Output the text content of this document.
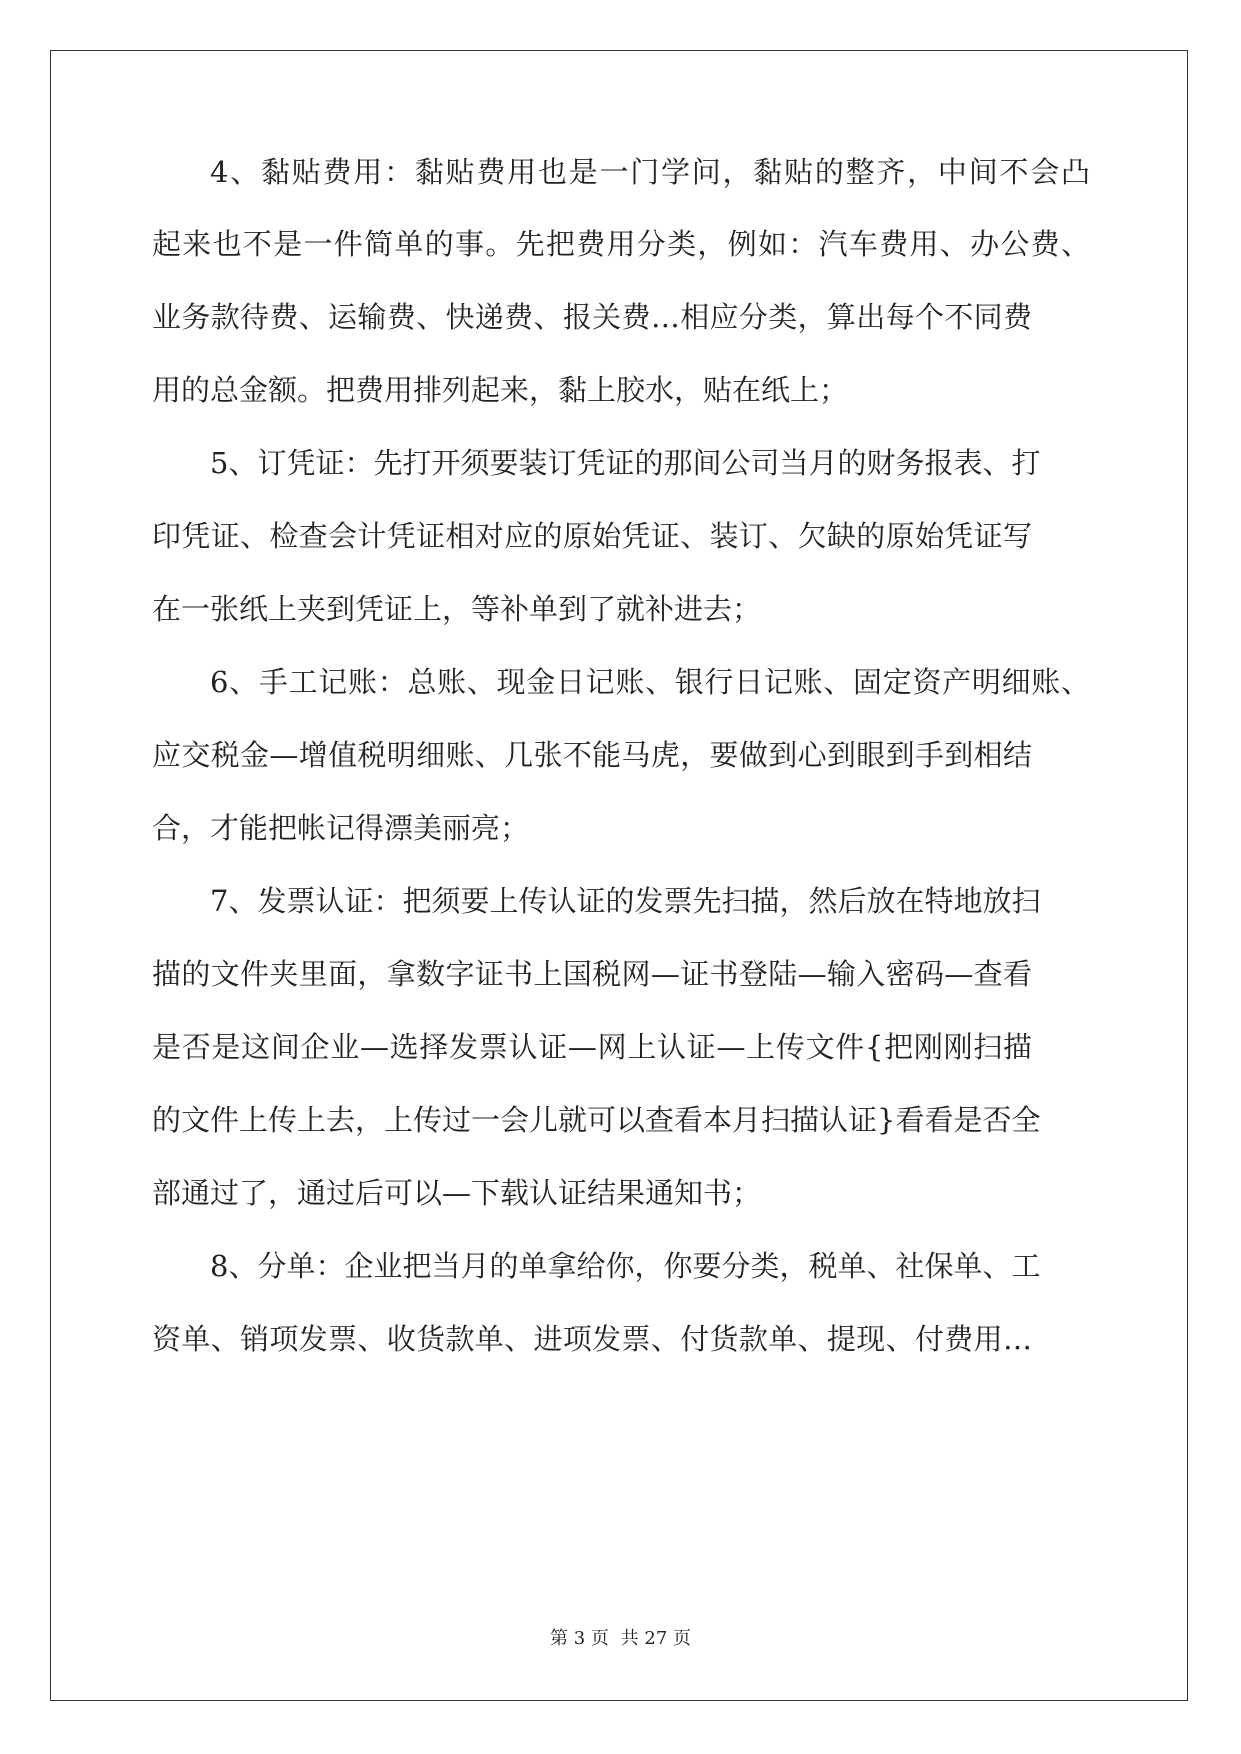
4、黏贴费用：黏贴费用也是一门学问，黏贴的整齐，中间不会凸
起来也不是一件简单的事。先把费用分类，例如：汽车费用、办公费、
业务款待费、运输费、快递费、报关费…相应分类，算出每个不同费
用的总金额。把费用排列起来，黏上胶水，贴在纸上；
5、订凭证：先打开须要装订凭证的那间公司当月的财务报表、打
印凭证、检查会计凭证相对应的原始凭证、装订、欠缺的原始凭证写
在一张纸上夹到凭证上，等补单到了就补进去；
6、手工记账：总账、现金日记账、银行日记账、固定资产明细账、
应交税金—增值税明细账、几张不能马虎，要做到心到眼到手到相结
合，才能把帐记得漂美丽亮；
7、发票认证：把须要上传认证的发票先扫描，然后放在特地放扫
描的文件夹里面，拿数字证书上国税网—证书登陆—输入密码—查看
是否是这间企业—选择发票认证—网上认证—上传文件{把刚刚扫描
的文件上传上去，上传过一会儿就可以查看本月扫描认证}看看是否全
部通过了，通过后可以—下载认证结果通知书；
8、分单：企业把当月的单拿给你，你要分类，税单、社保单、工
资单、销项发票、收货款单、进项发票、付货款单、提现、付费用…
第 3 页 共 27 页
